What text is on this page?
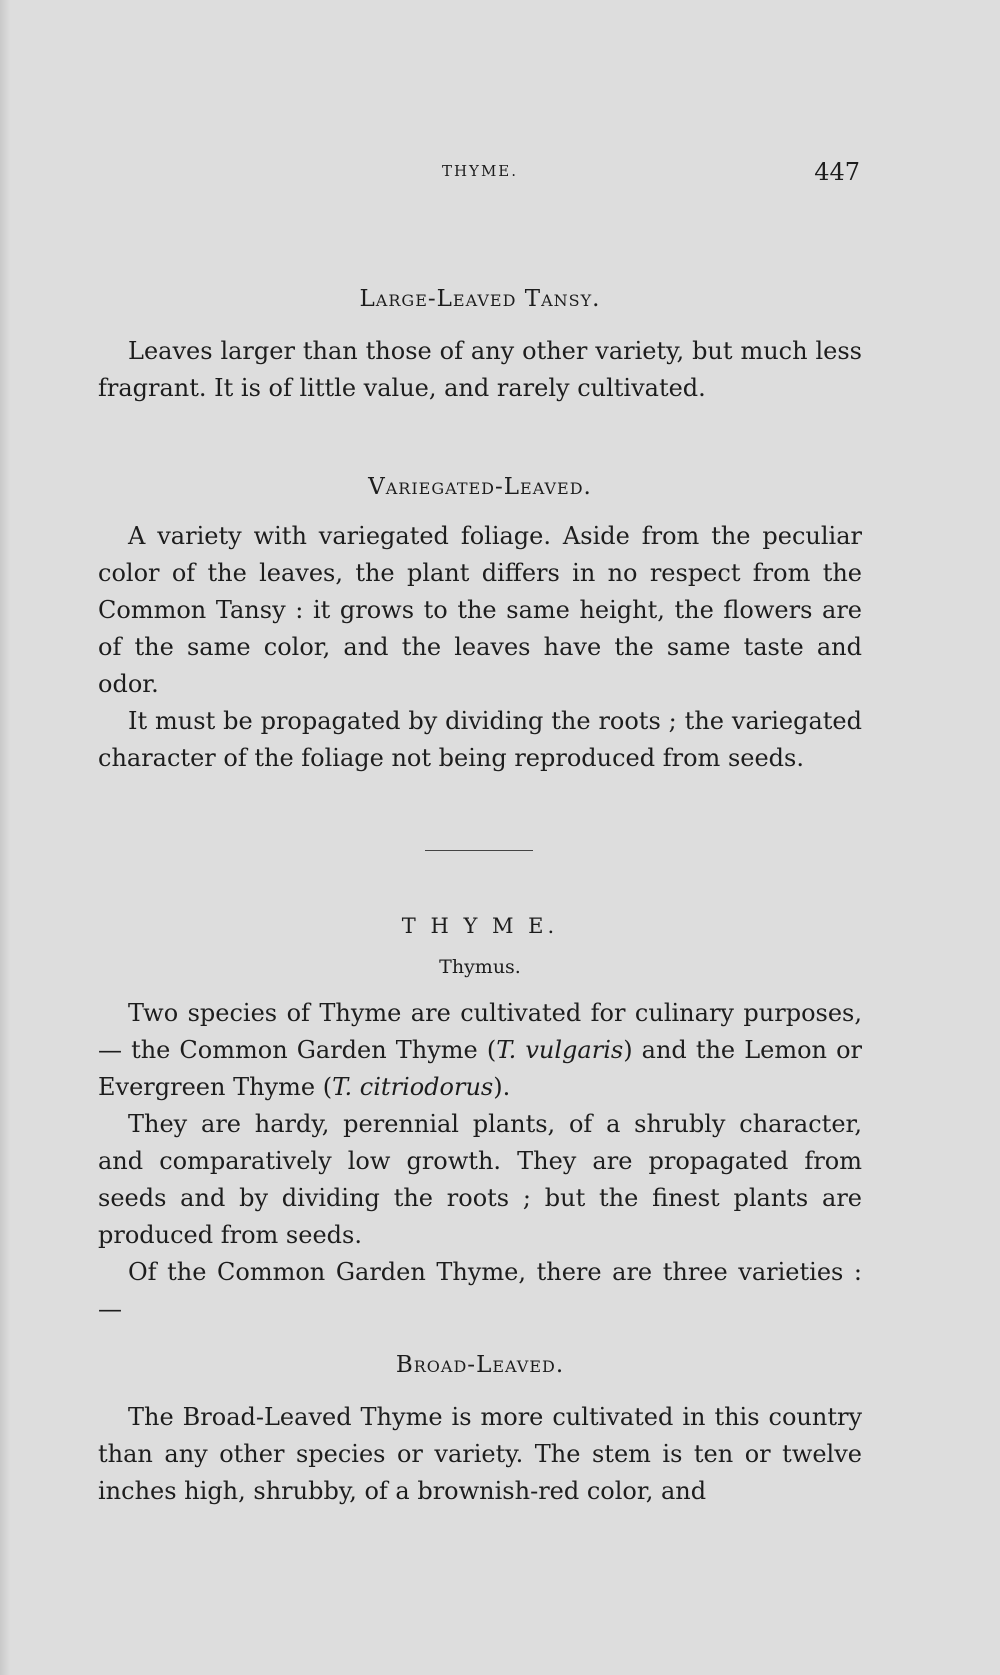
THYME.	447
Large-Leaved Tansy.

Leaves larger than those of any other variety, but much less fragrant. It is of little value, and rarely cultivated.

Variegated-Leaved.

A variety with variegated foliage. Aside from the peculiar color of the leaves, the plant differs in no respect from the Common Tansy : it grows to the same height, the flowers are of the same color, and the leaves have the same taste and odor.

It must be propagated by dividing the roots ; the variegated character of the foliage not being reproduced from seeds.

T H Y M E.
Thymus.

Two species of Thyme are cultivated for culinary purposes, — the Common Garden Thyme (T. vulgaris) and the Lemon or Evergreen Thyme (T. citriodorus).

They are hardy, perennial plants, of a shrubly character, and comparatively low growth. They are propagated from seeds and by dividing the roots ; but the finest plants are produced from seeds.

Of the Common Garden Thyme, there are three varieties : —

Broad-Leaved.

The Broad-Leaved Thyme is more cultivated in this country than any other species or variety. The stem is ten or twelve inches high, shrubby, of a brownish-red color, and
